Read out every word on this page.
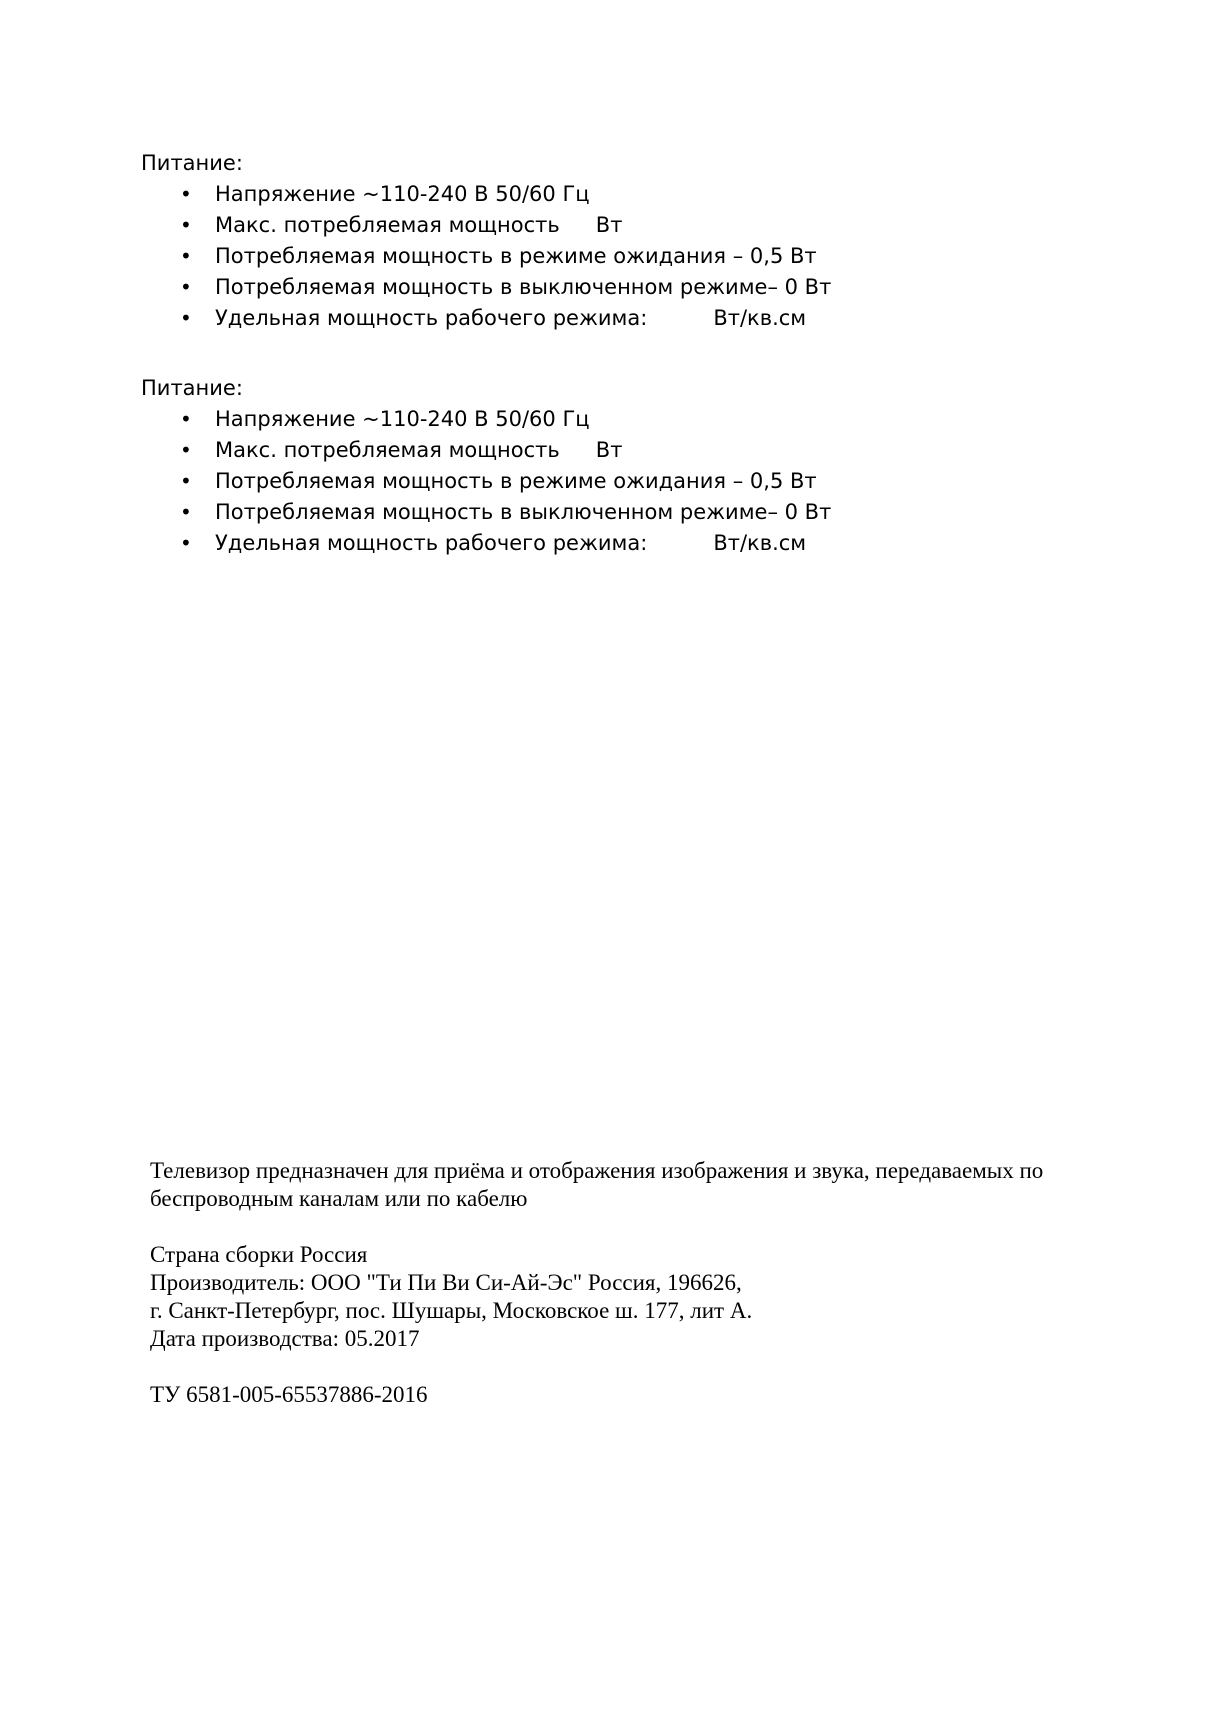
Питание:

• Напряжение ~110-240 В 50/60 Гц
• Макс. потребляемая мощность Вт
• Потребляемая мощность в режиме ожидания – 0,5 Вт
• Потребляемая мощность в выключенном режиме– 0 Вт
• Удельная мощность рабочего режима:	Вт/кв.см

Питание:

• Напряжение ~110-240 В 50/60 Гц
• Макс. потребляемая мощность Вт
• Потребляемая мощность в режиме ожидания – 0,5 Вт
• Потребляемая мощность в выключенном режиме– 0 Вт
• Удельная мощность рабочего режима:	Вт/кв.см

Телевизор предназначен для приёма и отображения изображения и звука, передаваемых по беспроводным каналам или по кабелю

Страна сборки Россия

Производитель: ООО "Ти Пи Ви Си-Ай-Эс" Россия, 196626,

г. Санкт-Петербург, пос. Шушары, Московское ш. 177, лит А.

Дата производства: 05.2017

ТУ 6581-005-65537886-2016
